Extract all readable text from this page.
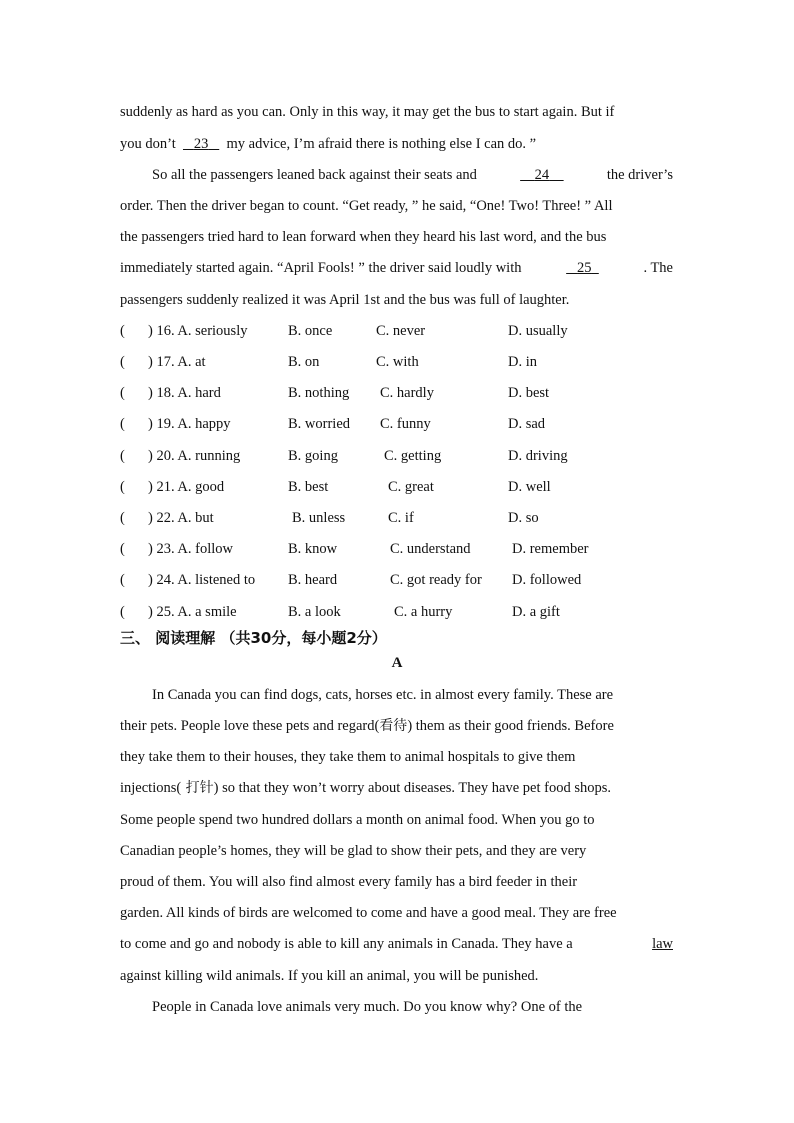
suddenly as hard as you can. Only in this way, it may get the bus to start again. But if
you don’t 23 my advice, I’m afraid there is nothing else I can do. ”
So all the passengers leaned back against their seats and	24	the driver’s
order. Then the driver began to count. “Get ready, ” he said, “One! Two! Three! ” All
the passengers tried hard to lean forward when they heard his last word, and the bus
immediately started again. “April Fools! ” the driver said loudly with	25	. The
passengers suddenly realized it was April 1st and the bus was full of laughter.
( ) 16. A. seriously	B. once	C. never	D. usually
( ) 17. A. at	B. on	C. with	D. in
( ) 18. A. hard	B. nothing C. hardly	D. best
( ) 19. A. happy	B. worried C. funny	D. sad
( ) 20. A. running	B. going	C. getting	D. driving
( ) 21. A. good	B. best	C. great	D. well
( ) 22. A. but	B. unless	C. if	D. so
( ) 23. A. follow	B. know	C. understand	D. remember
( ) 24. A. listened to B. heard	C. got ready for D. followed
( ) 25. A. a smile	B. a look	C. a hurry	D. a gift
三、 阅读理解 （共30分，每小题2分）
A
In Canada you can find dogs, cats, horses etc. in almost every family. These are
their pets. People love these pets and regard(看待) them as their good friends. Before
they take them to their houses, they take them to animal hospitals to give them
injections( 打针) so that they won’t worry about diseases. They have pet food shops.
Some people spend two hundred dollars a month on animal food. When you go to
Canadian people’s homes, they will be glad to show their pets, and they are very
proud of them. You will also find almost every family has a bird feeder in their
garden. All kinds of birds are welcomed to come and have a good meal. They are free
to come and go and nobody is able to kill any animals in Canada. They have a	law
against killing wild animals. If you kill an animal, you will be punished.
People in Canada love animals very much. Do you know why? One of the
